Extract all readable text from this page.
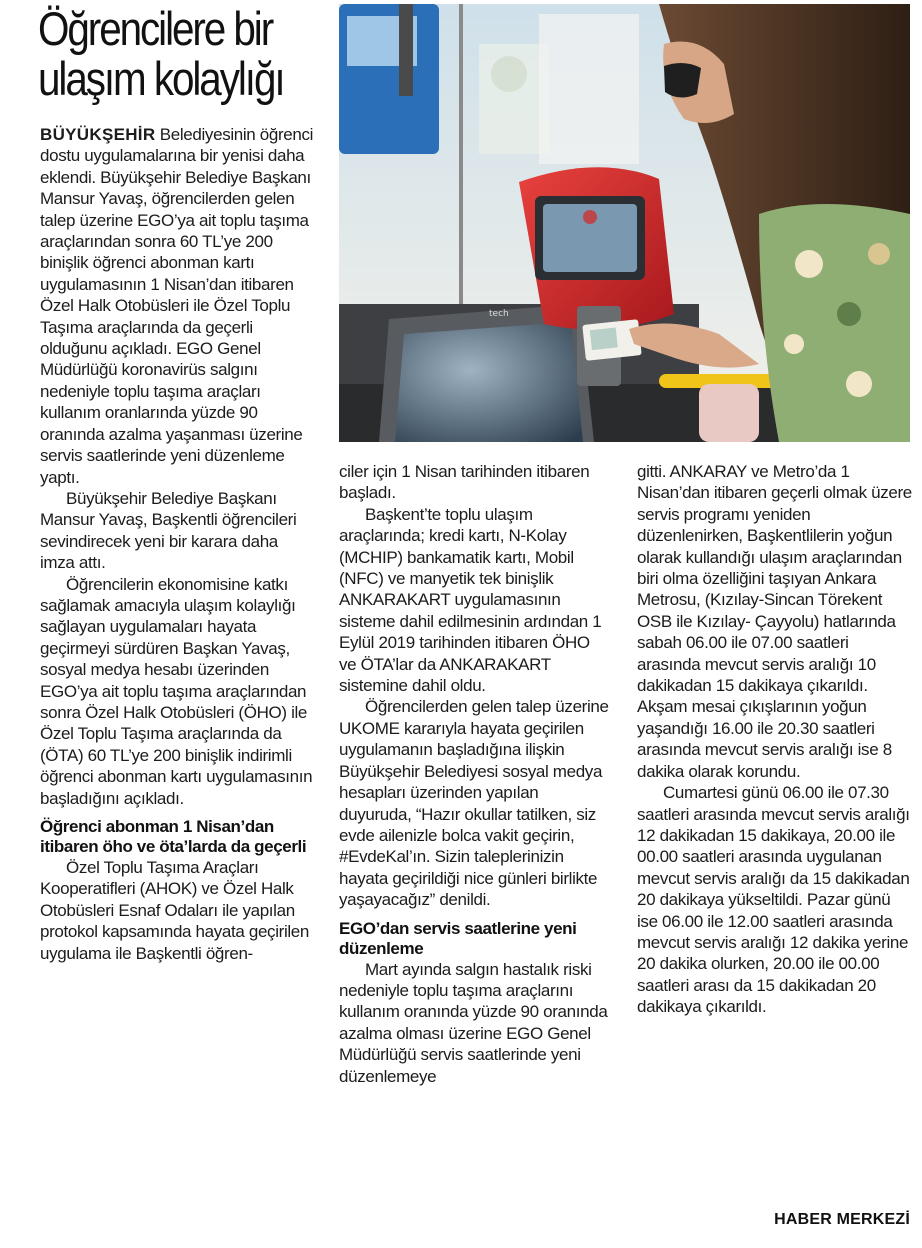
Öğrencilere bir ulaşım kolaylığı
tech

BÜYÜKŞEHİR Belediyesinin öğrenci dostu uygulamalarına bir yenisi daha eklendi. Büyükşehir Belediye Başkanı Mansur Yavaş, öğrencilerden gelen talep üzerine EGO’ya ait toplu taşıma araçlarından sonra 60 TL’ye 200 binişlik öğrenci abonman kartı uygulamasının 1 Nisan’dan itibaren Özel Halk Otobüsleri ile Özel Toplu Taşıma araçlarında da geçerli olduğunu açıkladı. EGO Genel Müdürlüğü koronavirüs salgını nedeniyle toplu taşıma araçları kullanım oranlarında yüzde 90 oranında azalma yaşanması üzerine servis saatlerinde yeni düzenleme yaptı.

Büyükşehir Belediye Başkanı Mansur Yavaş, Başkentli öğrencileri sevindirecek yeni bir karara daha imza attı.

Öğrencilerin ekonomisine katkı sağlamak amacıyla ulaşım kolaylığı sağlayan uygulamaları hayata geçirmeyi sürdüren Başkan Yavaş, sosyal medya hesabı üzerinden EGO’ya ait toplu taşıma araçlarından sonra Özel Halk Otobüsleri (ÖHO) ile Özel Toplu Taşıma araçlarında da (ÖTA) 60 TL’ye 200 binişlik indirimli öğrenci abonman kartı uygulamasının başladığını açıkladı.

Öğrenci abonman 1 Nisan’dan itibaren öho ve öta’larda da geçerli

Özel Toplu Taşıma Araçları Kooperatifleri (AHOK) ve Özel Halk Otobüsleri Esnaf Odaları ile yapılan protokol kapsamında hayata geçirilen uygulama ile Başkentli öğren-

ciler için 1 Nisan tarihinden itibaren başladı.

Başkent’te toplu ulaşım araçlarında; kredi kartı, N-Kolay (MCHIP) bankamatik kartı, Mobil (NFC) ve manyetik tek binişlik ANKARAKART uygulamasının sisteme dahil edilmesinin ardından 1 Eylül 2019 tarihinden itibaren ÖHO ve ÖTA’lar da ANKARAKART sistemine dahil oldu.

Öğrencilerden gelen talep üzerine UKOME kararıyla hayata geçirilen uygulamanın başladığına ilişkin Büyükşehir Belediyesi sosyal medya hesapları üzerinden yapılan duyuruda, “Hazır okullar tatilken, siz evde ailenizle bolca vakit geçirin, #EvdeKal’ın. Sizin taleplerinizin hayata geçirildiği nice günleri birlikte yaşayacağız” denildi.

EGO’dan servis saatlerine yeni düzenleme

Mart ayında salgın hastalık riski nedeniyle toplu taşıma araçlarını kullanım oranında yüzde 90 oranında azalma olması üzerine EGO Genel Müdürlüğü servis saatlerinde yeni düzenlemeye

gitti. ANKARAY ve Metro’da 1 Nisan’dan itibaren geçerli olmak üzere servis programı yeniden düzenlenirken, Başkentlilerin yoğun olarak kullandığı ulaşım araçlarından biri olma özelliğini taşıyan Ankara Metrosu, (Kızılay-Sincan Törekent OSB ile Kızılay- Çayyolu) hatlarında sabah 06.00 ile 07.00 saatleri arasında mevcut servis aralığı 10 dakikadan 15 dakikaya çıkarıldı. Akşam mesai çıkışlarının yoğun yaşandığı 16.00 ile 20.30 saatleri arasında mevcut servis aralığı ise 8 dakika olarak korundu.

Cumartesi günü 06.00 ile 07.30 saatleri arasında mevcut servis aralığı 12 dakikadan 15 dakikaya, 20.00 ile 00.00 saatleri arasında uygulanan mevcut servis aralığı da 15 dakikadan 20 dakikaya yükseltildi. Pazar günü ise 06.00 ile 12.00 saatleri arasında mevcut servis aralığı 12 dakika yerine 20 dakika olurken, 20.00 ile 00.00 saatleri arası da 15 dakikadan 20 dakikaya çıkarıldı.

HABER MERKEZİ
